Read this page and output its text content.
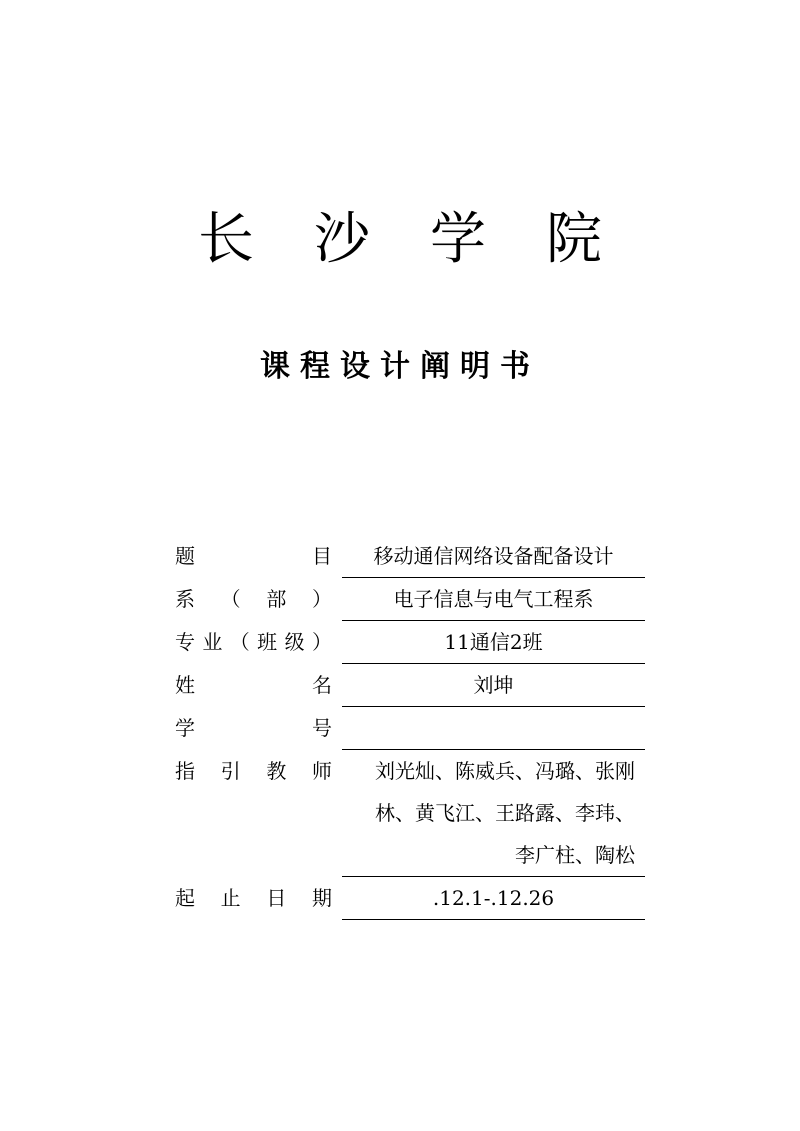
长 沙 学 院
课程设计阐明书
题	目	移动通信网络设备配备设计
系 （ 部 ）	电子信息与电气工程系
专 业 （ 班 级 ）	11通信2班
姓	名	刘坤
学	号
指 引 教 师	刘光灿、陈威兵、冯璐、张刚
林、黄飞江、王路露、李玮、
李广柱、陶松
起 止 日 期	.12.1-.12.26
